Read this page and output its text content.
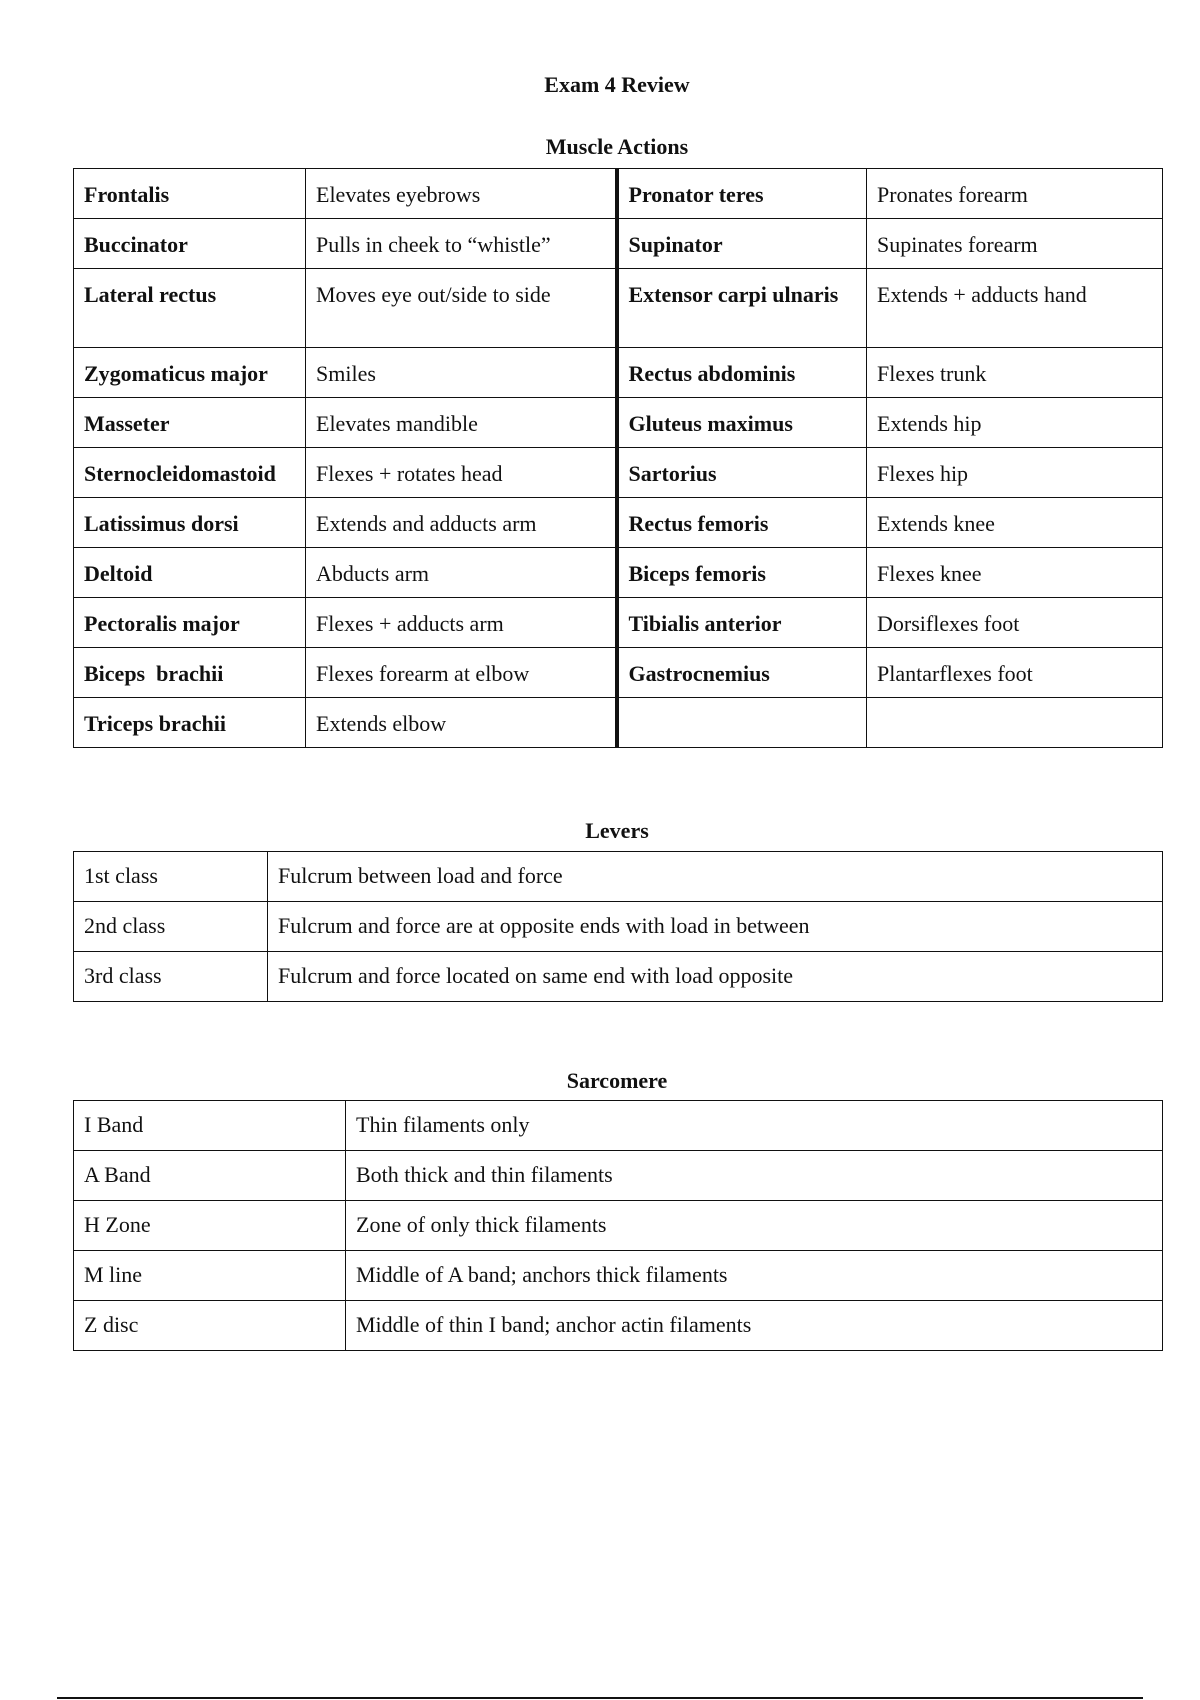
Exam 4 Review
Muscle Actions
Frontalis	Elevates eyebrows	Pronator teres	Pronates forearm
Buccinator	Pulls in cheek to “whistle”	Supinator	Supinates forearm
Lateral rectus	Moves eye out/side to side	Extensor carpi ulnaris	Extends + adducts hand
Zygomaticus major	Smiles	Rectus abdominis	Flexes trunk
Masseter	Elevates mandible	Gluteus maximus	Extends hip
Sternocleidomastoid	Flexes + rotates head	Sartorius	Flexes hip
Latissimus dorsi	Extends and adducts arm	Rectus femoris	Extends knee
Deltoid	Abducts arm	Biceps femoris	Flexes knee
Pectoralis major	Flexes + adducts arm	Tibialis anterior	Dorsiflexes foot
Biceps  brachii	Flexes forearm at elbow	Gastrocnemius	Plantarflexes foot
Triceps brachii	Extends elbow		
Levers
1st class	Fulcrum between load and force
2nd class	Fulcrum and force are at opposite ends with load in between
3rd class	Fulcrum and force located on same end with load opposite
Sarcomere
I Band	Thin filaments only
A Band	Both thick and thin filaments
H Zone	Zone of only thick filaments
M line	Middle of A band; anchors thick filaments
Z disc	Middle of thin I band; anchor actin filaments
